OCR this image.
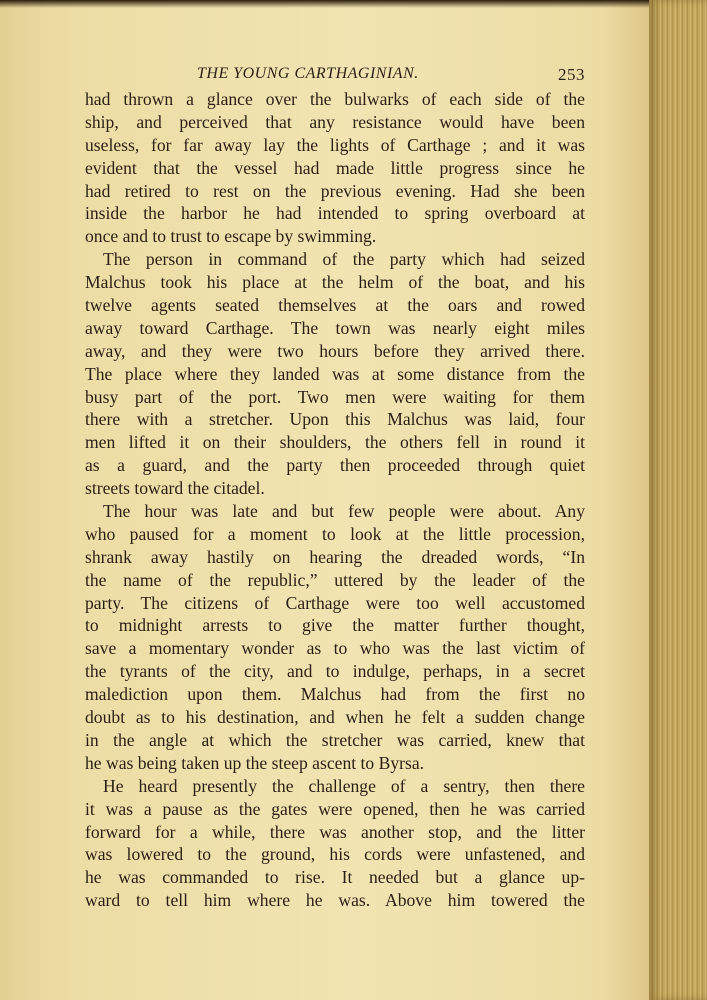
THE YOUNG CARTHAGINIAN.	253

had thrown a glance over the bulwarks of each side of the
ship, and perceived that any resistance would have been
useless, for far away lay the lights of Carthage ; and it was
evident that the vessel had made little progress since he
had retired to rest on the previous evening. Had she been
inside the harbor he had intended to spring overboard at
once and to trust to escape by swimming.

The person in command of the party which had seized
Malchus took his place at the helm of the boat, and his
twelve agents seated themselves at the oars and rowed
away toward Carthage. The town was nearly eight miles
away, and they were two hours before they arrived there.
The place where they landed was at some distance from the
busy part of the port. Two men were waiting for them
there with a stretcher. Upon this Malchus was laid, four
men lifted it on their shoulders, the others fell in round it
as a guard, and the party then proceeded through quiet
streets toward the citadel.

The hour was late and but few people were about. Any
who paused for a moment to look at the little procession,
shrank away hastily on hearing the dreaded words, “In
the name of the republic,” uttered by the leader of the
party. The citizens of Carthage were too well accustomed
to midnight arrests to give the matter further thought,
save a momentary wonder as to who was the last victim of
the tyrants of the city, and to indulge, perhaps, in a secret
malediction upon them. Malchus had from the first no
doubt as to his destination, and when he felt a sudden change
in the angle at which the stretcher was carried, knew that
he was being taken up the steep ascent to Byrsa.

He heard presently the challenge of a sentry, then there
it was a pause as the gates were opened, then he was carried
forward for a while, there was another stop, and the litter
was lowered to the ground, his cords were unfastened, and
he was commanded to rise. It needed but a glance up-
ward to tell him where he was. Above him towered the
